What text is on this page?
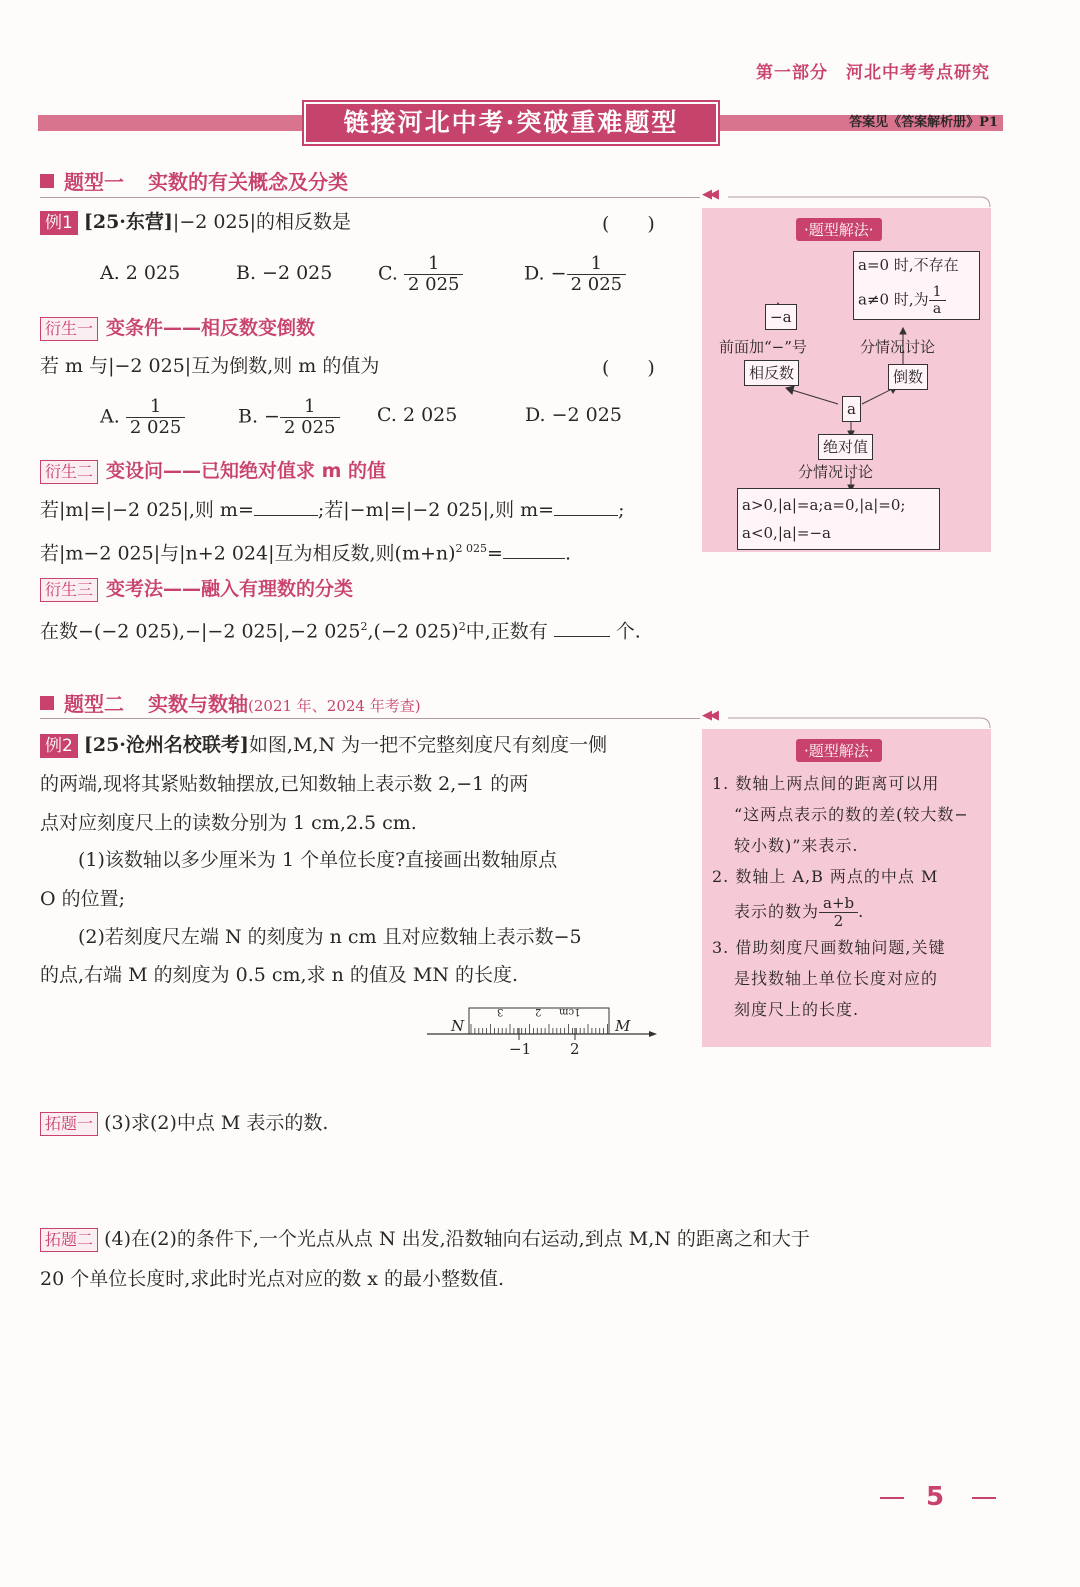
第一部分　河北中考考点研究
链接河北中考·突破重难题型	答案见《答案解析册》P1
题型一 实数的有关概念及分类
◀◀
例1 [25·东营]|−2 025|的相反数是	(　　)
A. 2 025	B. −2 025 C. $\frac{1}{2 025}$	D. − $\frac{1}{2 025}$
衍生一 变条件——相反数变倒数
若 m 与|−2 025|互为倒数,则 m 的值为	(　　)
A. $\frac{1}{2 025}$	B. − $\frac{1}{2 025} C$. 2 025	D. −2 025
衍生二 变设问——已知绝对值求 m 的值
若|m|=|−2 025|,则 m=	;若|−m|=|−2 025|,则 m=	;
若|m−2 025|与|n+2 024|互为相反数,则$(m+n)^{2 025}=$	.
衍生三 变考法——融入有理数的分类
在数−(−2 025),−|−2 025|,−2 $025^2,(-2$ 025)$^2$中,正数有	个.
·题型解法·
a=0 时,不存在
a≠0 时,为 $\frac{1}{a}$
−a
前面加“−”号	分情况讨论
相反数	倒数
a
绝对值
分情况讨论
a>0,|a|=a;a=0,|a|=0;
a<0,|a|=−a
题型二 实数与数轴(2021 年、2024 年考查)
◀◀
例2 [25·沧州名校联考]如图,M,N 为一把不完整刻度尺有刻度一侧
的两端,现将其紧贴数轴摆放,已知数轴上表示数 2,−1 的两
点对应刻度尺上的读数分别为 1 cm,2.5 cm.
(1)该数轴以多少厘米为 1 个单位长度?直接画出数轴原点
O 的位置;
(2)若刻度尺左端 N 的刻度为 n cm 且对应数轴上表示数−5
的点,右端 M 的刻度为 0.5 cm,求 n 的值及 MN 的长度.
N	M
3	2 1cm
−1	2
·题型解法·
1. 数轴上两点间的距离可以用
“这两点表示的数的差(较大数−
较小数)”来表示.
2. 数轴上 A,B 两点的中点 M
表示的数为 $\frac{a+b}{2}$ .
3. 借助刻度尺画数轴问题,关键
是找数轴上单位长度对应的
刻度尺上的长度.
拓题一 (3)求(2)中点 M 表示的数.
拓题二 (4)在(2)的条件下,一个光点从点 N 出发,沿数轴向右运动,到点 M,N 的距离之和大于
20 个单位长度时,求此时光点对应的数 x 的最小整数值.
5
